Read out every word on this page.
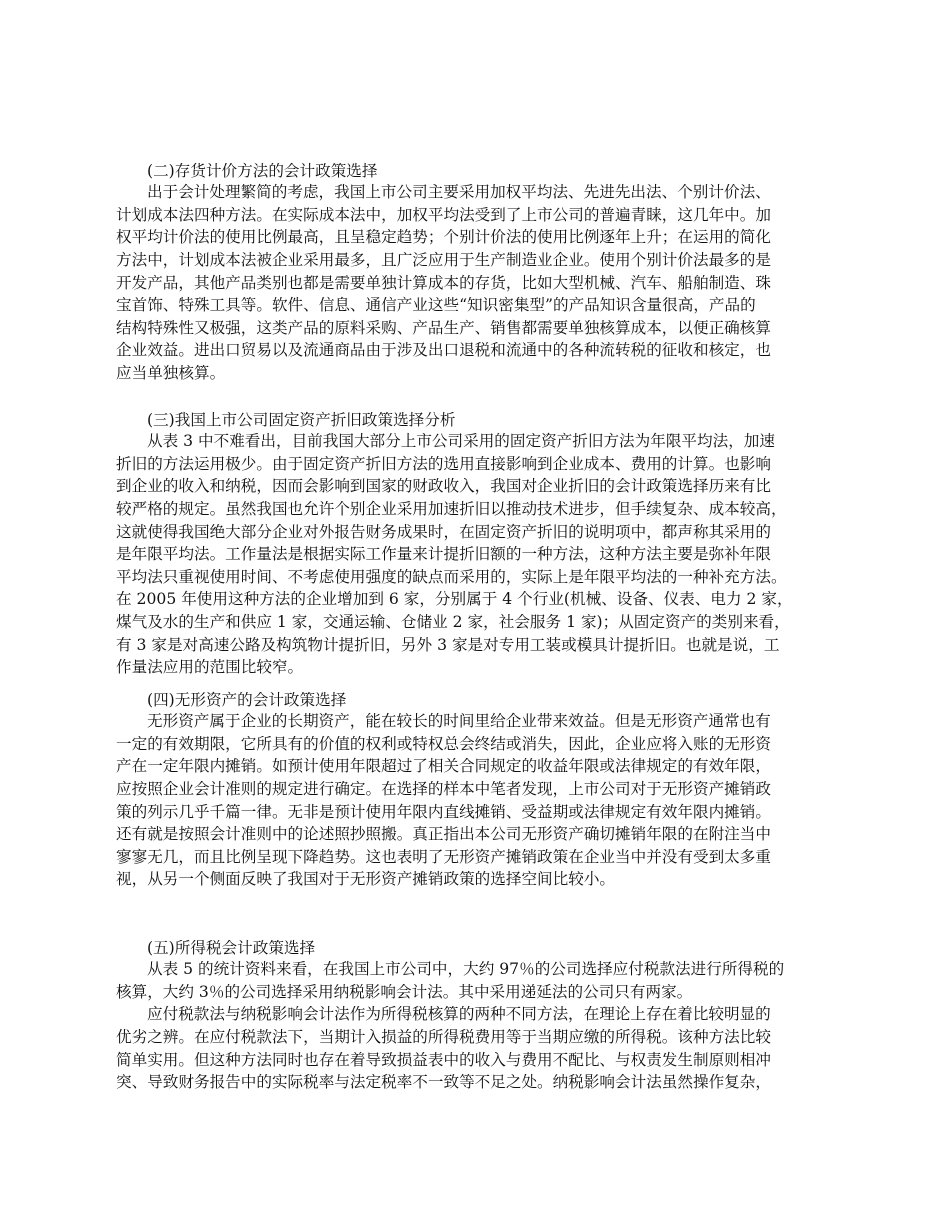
(二)存货计价方法的会计政策选择
出于会计处理繁简的考虑，我国上市公司主要采用加权平均法、先进先出法、个别计价法、
计划成本法四种方法。在实际成本法中，加权平均法受到了上市公司的普遍青睐，这几年中。加
权平均计价法的使用比例最高，且呈稳定趋势；个别计价法的使用比例逐年上升；在运用的简化
方法中，计划成本法被企业采用最多，且广泛应用于生产制造业企业。使用个别计价法最多的是
开发产品，其他产品类别也都是需要单独计算成本的存货，比如大型机械、汽车、船舶制造、珠
宝首饰、特殊工具等。软件、信息、通信产业这些“知识密集型”的产品知识含量很高，产品的
结构特殊性又极强，这类产品的原料采购、产品生产、销售都需要单独核算成本，以便正确核算
企业效益。进出口贸易以及流通商品由于涉及出口退税和流通中的各种流转税的征收和核定，也
应当单独核算。
(三)我国上市公司固定资产折旧政策选择分析
从表 3 中不难看出，目前我国大部分上市公司采用的固定资产折旧方法为年限平均法，加速
折旧的方法运用极少。由于固定资产折旧方法的选用直接影响到企业成本、费用的计算。也影响
到企业的收入和纳税，因而会影响到国家的财政收入，我国对企业折旧的会计政策选择历来有比
较严格的规定。虽然我国也允许个别企业采用加速折旧以推动技术进步，但手续复杂、成本较高，
这就使得我国绝大部分企业对外报告财务成果时，在固定资产折旧的说明项中，都声称其采用的
是年限平均法。工作量法是根据实际工作量来计提折旧额的一种方法，这种方法主要是弥补年限
平均法只重视使用时间、不考虑使用强度的缺点而采用的，实际上是年限平均法的一种补充方法。
在 2005 年使用这种方法的企业增加到 6 家，分别属于 4 个行业(机械、设备、仪表、电力 2 家，
煤气及水的生产和供应 1 家，交通运输、仓储业 2 家，社会服务 1 家)；从固定资产的类别来看，
有 3 家是对高速公路及构筑物计提折旧，另外 3 家是对专用工装或模具计提折旧。也就是说，工
作量法应用的范围比较窄。
(四)无形资产的会计政策选择
无形资产属于企业的长期资产，能在较长的时间里给企业带来效益。但是无形资产通常也有
一定的有效期限，它所具有的价值的权利或特权总会终结或消失，因此，企业应将入账的无形资
产在一定年限内摊销。如预计使用年限超过了相关合同规定的收益年限或法律规定的有效年限，
应按照企业会计准则的规定进行确定。在选择的样本中笔者发现，上市公司对于无形资产摊销政
策的列示几乎千篇一律。无非是预计使用年限内直线摊销、受益期或法律规定有效年限内摊销。
还有就是按照会计准则中的论述照抄照搬。真正指出本公司无形资产确切摊销年限的在附注当中
寥寥无几，而且比例呈现下降趋势。这也表明了无形资产摊销政策在企业当中并没有受到太多重
视，从另一个侧面反映了我国对于无形资产摊销政策的选择空间比较小。
(五)所得税会计政策选择
从表 5 的统计资料来看，在我国上市公司中，大约 97％的公司选择应付税款法进行所得税的
核算，大约 3％的公司选择采用纳税影响会计法。其中采用递延法的公司只有两家。
应付税款法与纳税影响会计法作为所得税核算的两种不同方法，在理论上存在着比较明显的
优劣之辨。在应付税款法下，当期计入损益的所得税费用等于当期应缴的所得税。该种方法比较
简单实用。但这种方法同时也存在着导致损益表中的收入与费用不配比、与权责发生制原则相冲
突、导致财务报告中的实际税率与法定税率不一致等不足之处。纳税影响会计法虽然操作复杂，
